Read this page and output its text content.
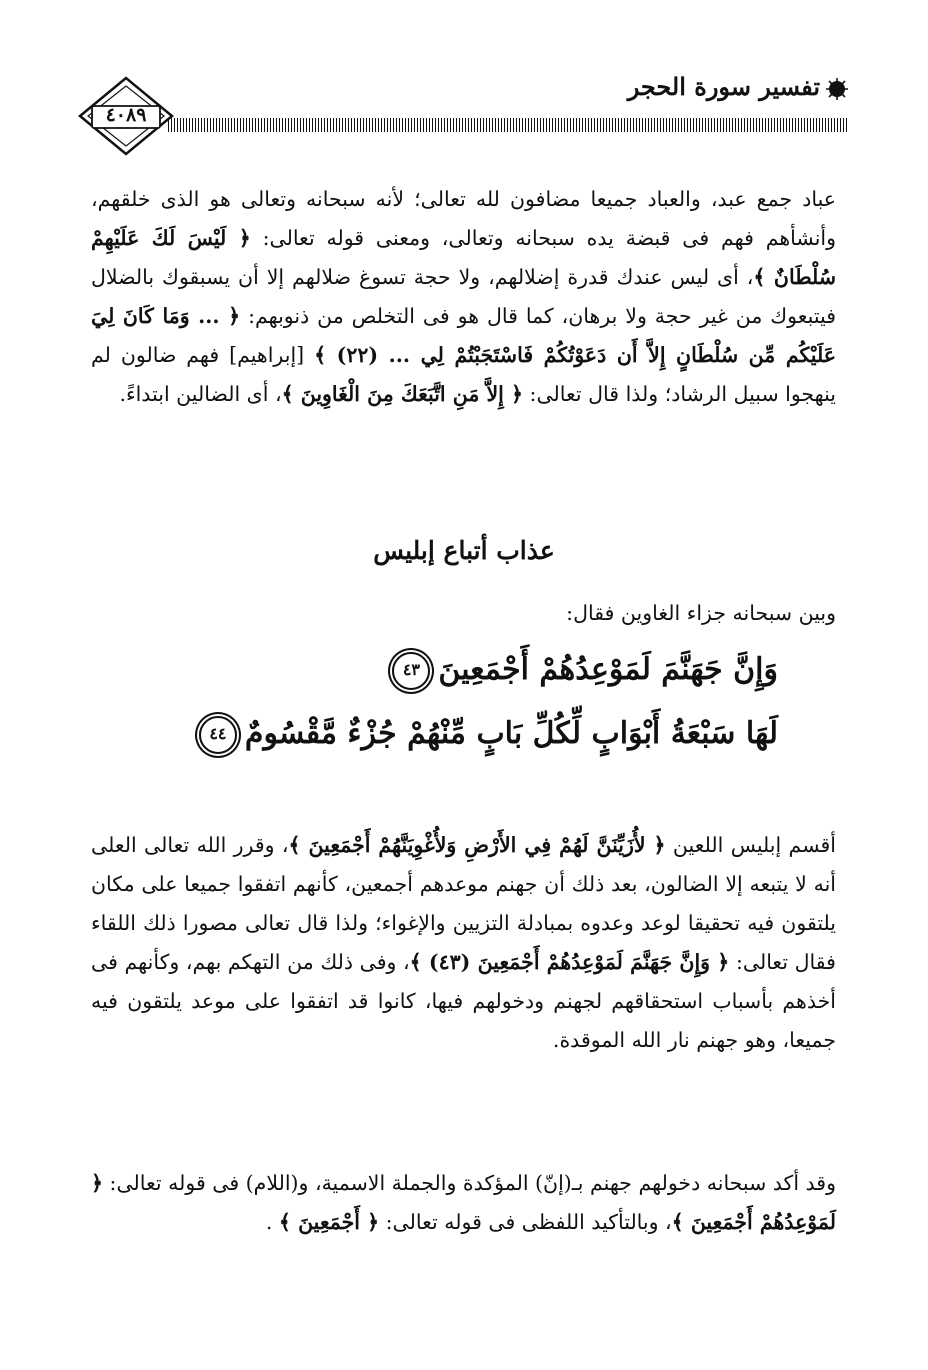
تفسير سورة الحجر
٤٠٨٩

عباد جمع عبد، والعباد جميعا مضافون لله تعالى؛ لأنه سبحانه وتعالى هو الذى خلقهم، وأنشأهم فهم فى قبضة يده سبحانه وتعالى، ومعنى قوله تعالى: ﴿ لَيْسَ لَكَ عَلَيْهِمْ سُلْطَانٌ ﴾، أى ليس عندك قدرة إضلالهم، ولا حجة تسوغ ضلالهم إلا أن يسبقوك بالضلال فيتبعوك من غير حجة ولا برهان، كما قال هو فى التخلص من ذنوبهم: ﴿ ... وَمَا كَانَ لِيَ عَلَيْكُم مِّن سُلْطَانٍ إِلاَّ أَن دَعَوْتُكُمْ فَاسْتَجَبْتُمْ لِي ... (٢٢) ﴾ [إبراهيم] فهم ضالون لم ينهجوا سبيل الرشاد؛ ولذا قال تعالى: ﴿ إِلاَّ مَنِ اتَّبَعَكَ مِنَ الْغَاوِينَ ﴾، أى الضالين ابتداءً.

عذاب أتباع إبليس

وبين سبحانه جزاء الغاوين فقال:

وَإِنَّ جَهَنَّمَ لَمَوْعِدُهُمْ أَجْمَعِينَ٤٣
لَهَا سَبْعَةُ أَبْوَابٍ لِّكُلِّ بَابٍ مِّنْهُمْ جُزْءٌ مَّقْسُومٌ٤٤

أقسم إبليس اللعين ﴿ لأُزَيِّنَنَّ لَهُمْ فِي الأَرْضِ وَلأُغْوِيَنَّهُمْ أَجْمَعِينَ ﴾، وقرر الله تعالى العلى أنه لا يتبعه إلا الضالون، بعد ذلك أن جهنم موعدهم أجمعين، كأنهم اتفقوا جميعا على مكان يلتقون فيه تحقيقا لوعد وعدوه بمبادلة التزيين والإغواء؛ ولذا قال تعالى مصورا ذلك اللقاء فقال تعالى: ﴿ وَإِنَّ جَهَنَّمَ لَمَوْعِدُهُمْ أَجْمَعِينَ (٤٣) ﴾، وفى ذلك من التهكم بهم، وكأنهم فى أخذهم بأسباب استحقاقهم لجهنم ودخولهم فيها، كانوا قد اتفقوا على موعد يلتقون فيه جميعا، وهو جهنم نار الله الموقدة.

وقد أكد سبحانه دخولهم جهنم بـ(إنّ) المؤكدة والجملة الاسمية، و(اللام) فى قوله تعالى: ﴿ لَمَوْعِدُهُمْ أَجْمَعِينَ ﴾، وبالتأكيد اللفظى فى قوله تعالى: ﴿ أَجْمَعِينَ ﴾ .
